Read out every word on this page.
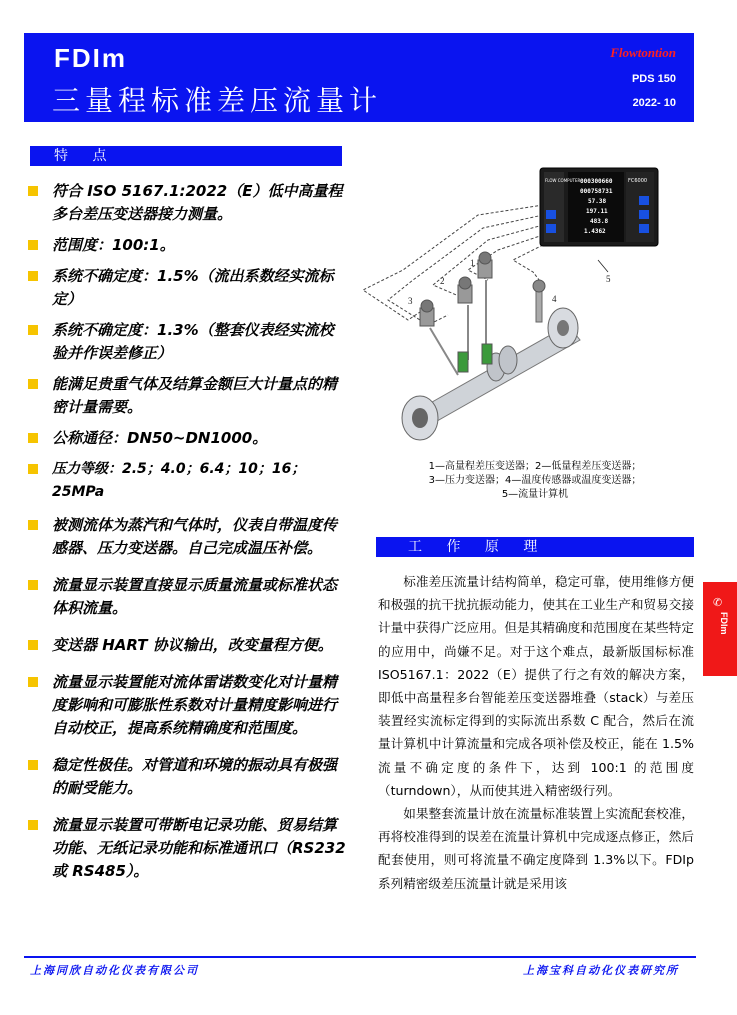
FDIm
三量程标准差压流量计
Flowtontion
PDS 150
2022- 10
特 点
符合 ISO 5167.1:2022（E）低中高量程多台差压变送器接力测量。
范围度：100:1。
系统不确定度：1.5%（流出系数经实流标定）
系统不确定度：1.3%（整套仪表经实流校验并作误差修正）
能满足贵重气体及结算金额巨大计量点的精密计量需要。
公称通径：DN50~DN1000。
压力等级：2.5；4.0；6.4；10；16；25MPa
被测流体为蒸汽和气体时，仪表自带温度传感器、压力变送器。自己完成温压补偿。
流量显示装置直接显示质量流量或标准状态体积流量。
变送器 HART 协议输出，改变量程方便。
流量显示装置能对流体雷诺数变化对计量精度影响和可膨胀性系数对计量精度影响进行自动校正，提高系统精确度和范围度。
稳定性极佳。对管道和环境的振动具有极强的耐受能力。
流量显示装置可带断电记录功能、贸易结算功能、无纸记录功能和标准通讯口（RS232 或 RS485）。
FLOW COMPUTER	FC6000
000300660
000758731
57.38
197.11
483.8
1.4362
1
2
3	4
5
1—高量程差压变送器；2—低量程差压变送器；
3—压力变送器；4—温度传感器或温度变送器；
5—流量计算机
工 作 原 理

标准差压流量计结构简单，稳定可靠，使用维修方便和极强的抗干扰抗振动能力，使其在工业生产和贸易交接计量中获得广泛应用。但是其精确度和范围度在某些特定的应用中，尚嫌不足。对于这个难点，最新版国标标准 ISO5167.1：2022（E）提供了行之有效的解决方案，即低中高量程多台智能差压变送器堆叠（stack）与差压装置经实流标定得到的实际流出系数 C 配合，然后在流量计算机中计算流量和完成各项补偿及校正，能在 1.5%流量不确定度的条件下，达到 100:1 的范围度（turndown），从而使其进入精密级行列。

如果整套流量计放在流量标准装置上实流配套校准，再将校准得到的误差在流量计算机中完成逐点修正，然后配套使用，则可将流量不确定度降到 1.3%以下。FDIp 系列精密级差压流量计就是采用该

✆
FDIm
上海同欣自动化仪表有限公司	上海宝科自动化仪表研究所
